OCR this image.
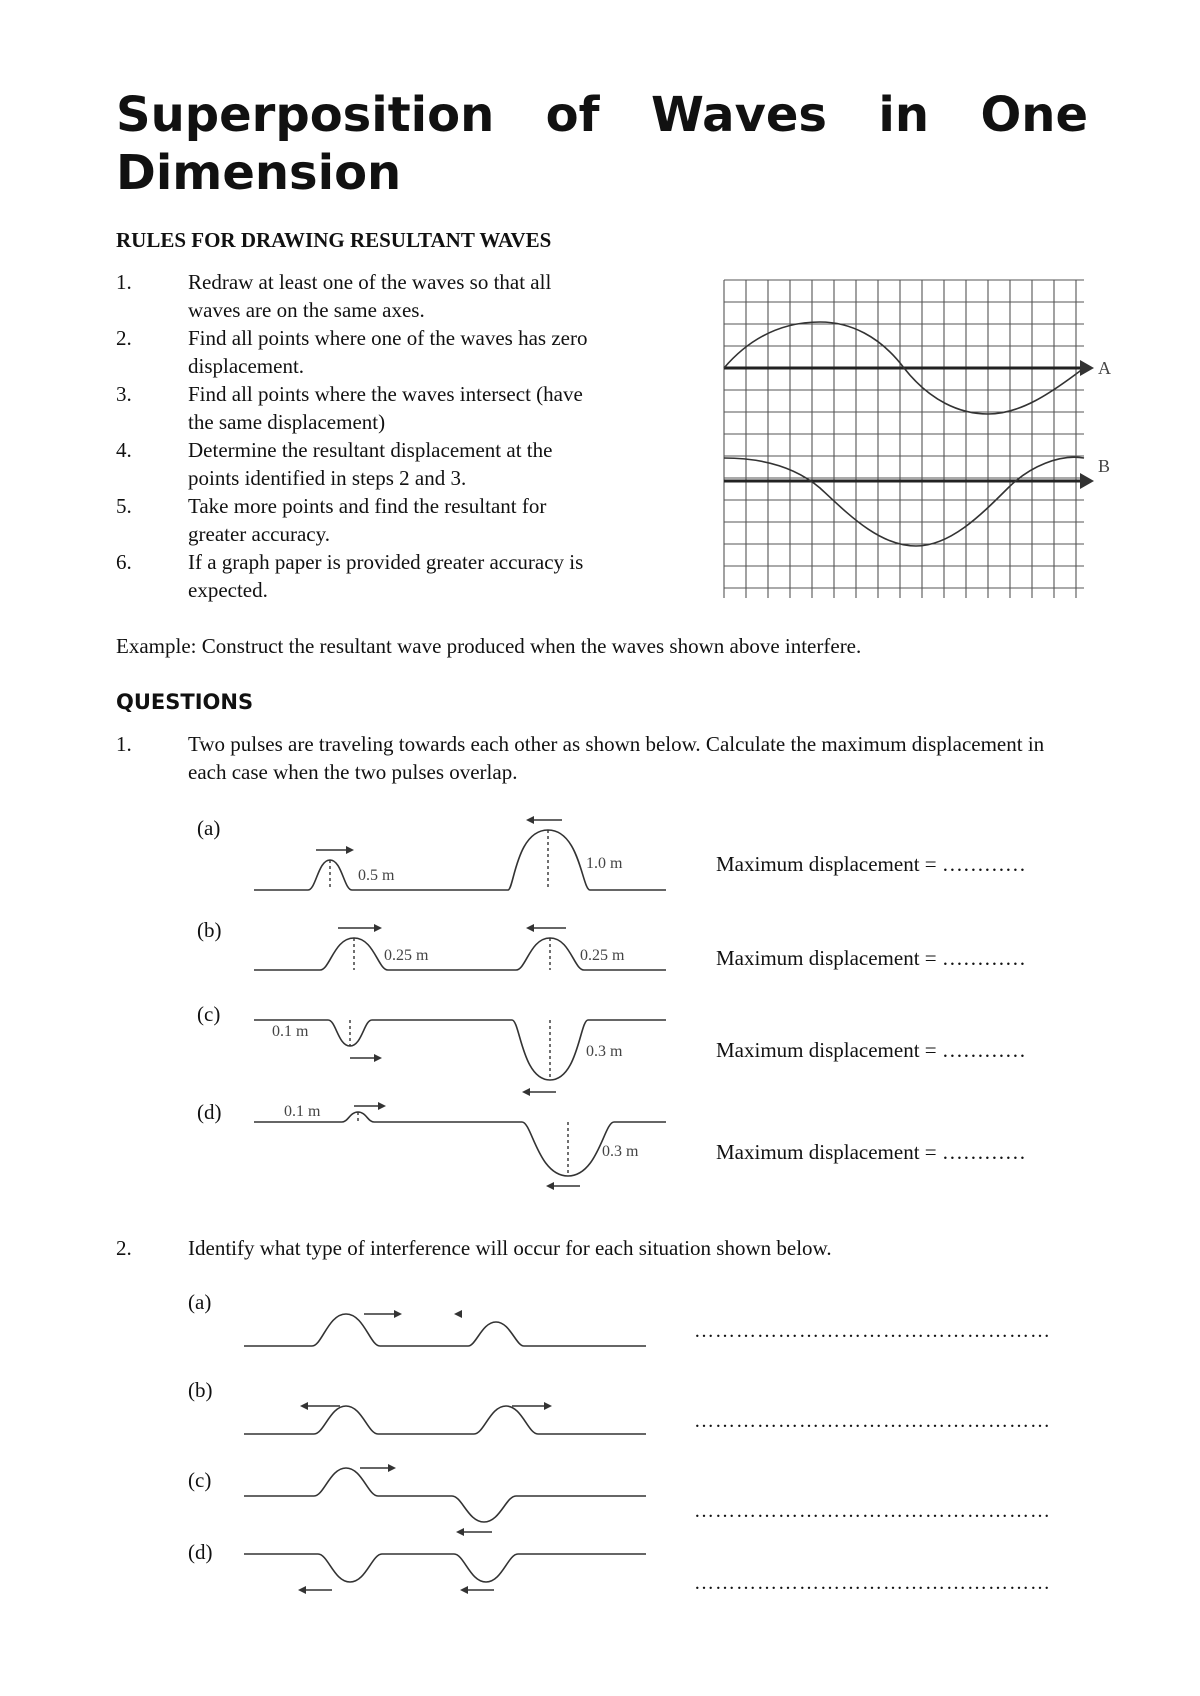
Superposition of Waves in One Dimension
RULES FOR DRAWING RESULTANT WAVES
1.	Redraw at least one of the waves so that all waves are on the same axes.
2.	Find all points where one of the waves has zero displacement.
3.	Find all points where the waves intersect (have the same displacement)
4.	Determine the resultant displacement at the points identified in steps 2 and 3.
5.	Take more points and find the resultant for greater accuracy.
6.	If a graph paper is provided greater accuracy is expected.
A
B
Example: Construct the resultant wave produced when the waves shown above interfere.
QUESTIONS
1.	Two pulses are traveling towards each other as shown below. Calculate the maximum displacement in each case when the two pulses overlap.
(a)
(b)
(c)
(d)
0.5 m
1.0 m
0.25 m	0.25 m
0.1 m
0.3 m
0.1 m
0.3 m
Maximum displacement = …………
Maximum displacement = …………
Maximum displacement = …………
Maximum displacement = …………
2.	Identify what type of interference will occur for each situation shown below.
(a)
(b)
(c)
(d)
……………………………………………
……………………………………………
……………………………………………
……………………………………………
